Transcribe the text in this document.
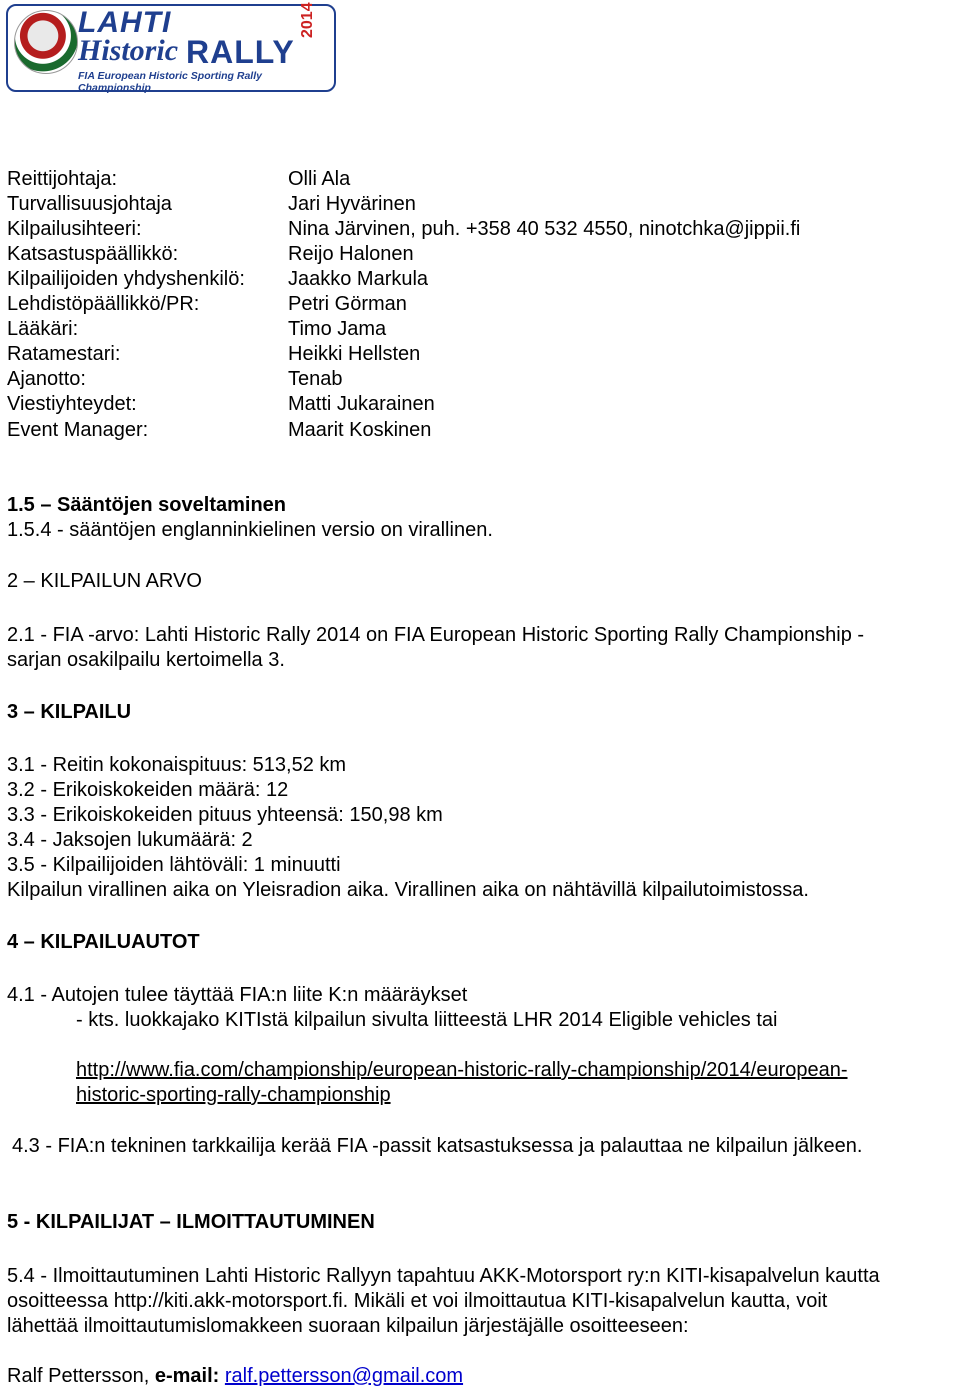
LAHTI
Historic RALLY
2014
FIA European Historic Sporting Rally Championship
Reittijohtaja:	Olli Ala
Turvallisuusjohtaja	Jari Hyvärinen
Kilpailusihteeri:	Nina Järvinen, puh. +358 40 532 4550, ninotchka@jippii.fi
Katsastuspäällikkö:	Reijo Halonen
Kilpailijoiden yhdyshenkilö: Jaakko Markula
Lehdistöpäällikkö/PR:	Petri Görman
Lääkäri:	Timo Jama
Ratamestari:	Heikki Hellsten
Ajanotto:	Tenab
Viestiyhteydet:	Matti Jukarainen
Event Manager:	Maarit Koskinen
1.5 – Sääntöjen soveltaminen
1.5.4 - sääntöjen englanninkielinen versio on virallinen.
2 – KILPAILUN ARVO
2.1 - FIA -arvo: Lahti Historic Rally 2014 on FIA European Historic Sporting Rally Championship -
sarjan osakilpailu kertoimella 3.
3 – KILPAILU
3.1 - Reitin kokonaispituus: 513,52 km
3.2 - Erikoiskokeiden määrä: 12
3.3 - Erikoiskokeiden pituus yhteensä: 150,98 km
3.4 - Jaksojen lukumäärä: 2
3.5 - Kilpailijoiden lähtöväli: 1 minuutti
Kilpailun virallinen aika on Yleisradion aika. Virallinen aika on nähtävillä kilpailutoimistossa.
4 – KILPAILUAUTOT
4.1 - Autojen tulee täyttää FIA:n liite K:n määräykset
- kts. luokkajako KITIstä kilpailun sivulta liitteestä LHR 2014 Eligible vehicles tai
http://www.fia.com/championship/european-historic-rally-championship/2014/european-
historic-sporting-rally-championship
4.3 - FIA:n tekninen tarkkailija kerää FIA -passit katsastuksessa ja palauttaa ne kilpailun jälkeen.
5 - KILPAILIJAT – ILMOITTAUTUMINEN
5.4 - Ilmoittautuminen Lahti Historic Rallyyn tapahtuu AKK-Motorsport ry:n KITI-kisapalvelun kautta
osoitteessa http://kiti.akk-motorsport.fi. Mikäli et voi ilmoittautua KITI-kisapalvelun kautta, voit
lähettää ilmoittautumislomakkeen suoraan kilpailun järjestäjälle osoitteeseen:
Ralf Pettersson, e-mail: ralf.pettersson@gmail.com
